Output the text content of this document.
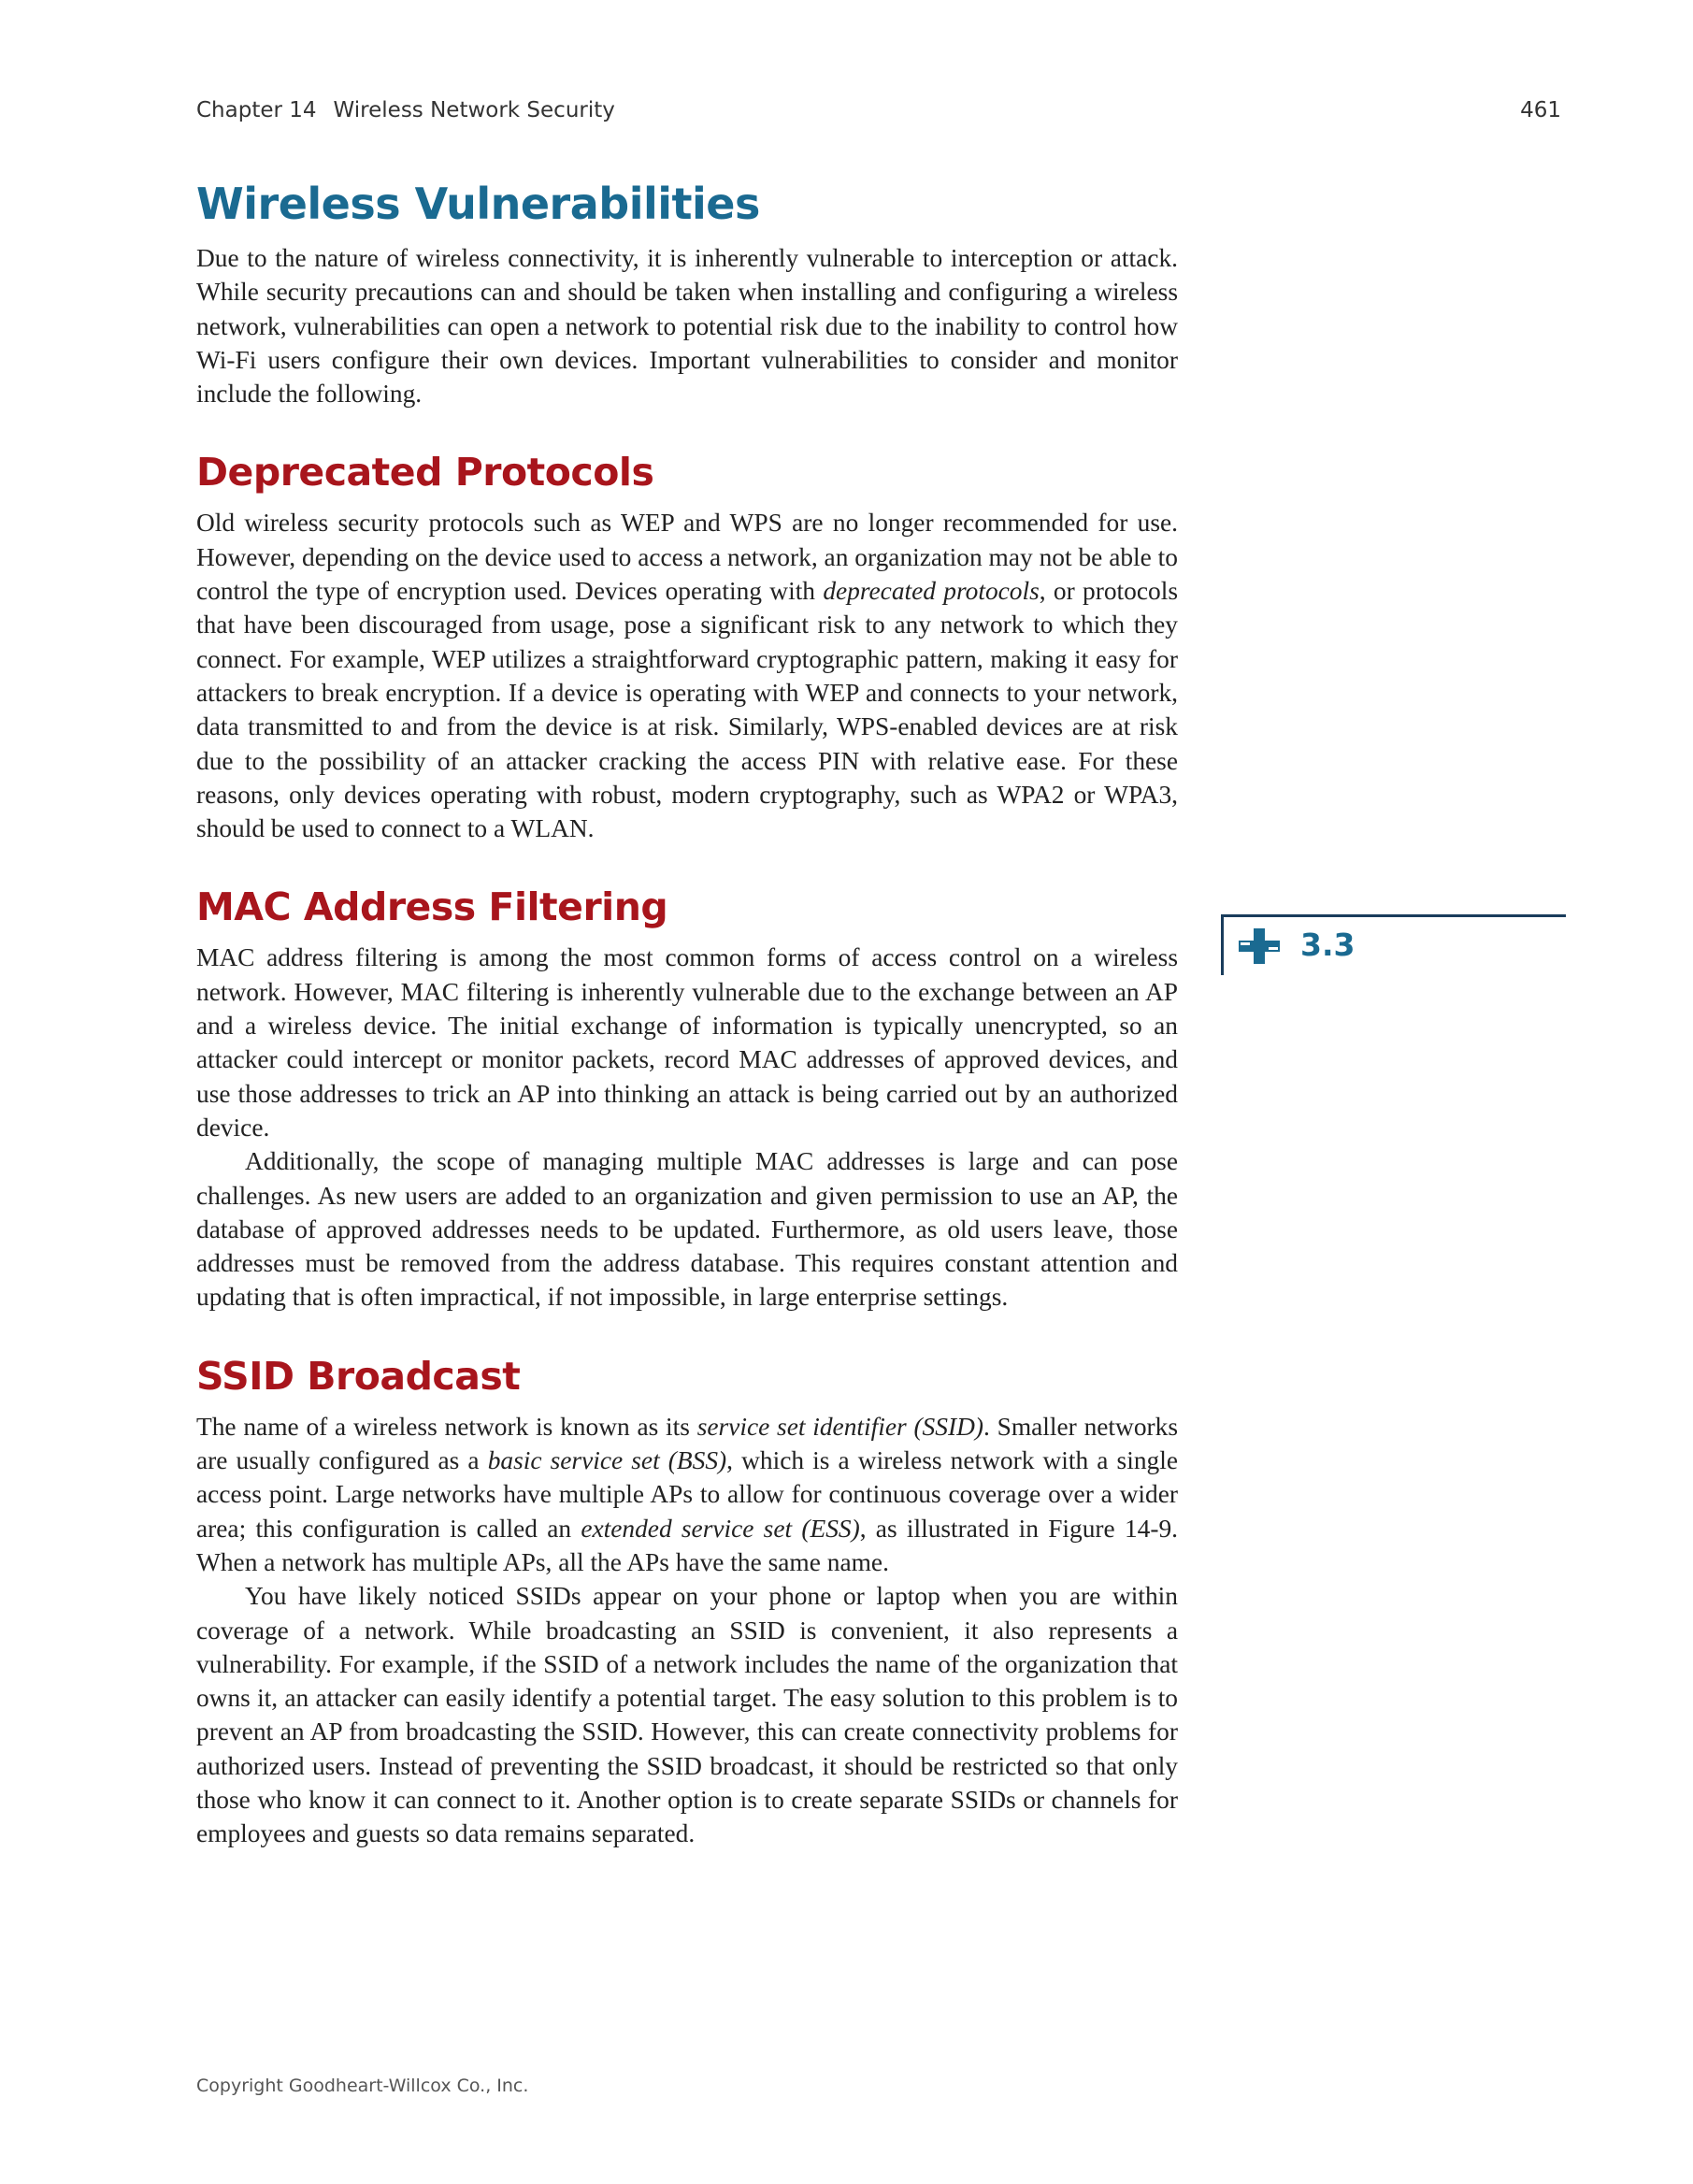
Chapter 14 Wireless Network Security	461
Wireless Vulnerabilities

Due to the nature of wireless connectivity, it is inherently vulnerable to interception or attack. While security precautions can and should be taken when installing and configuring a wireless network, vulnerabilities can open a network to potential risk due to the inability to control how Wi-Fi users configure their own devices. Important vulnerabilities to consider and monitor include the following.

Deprecated Protocols

Old wireless security protocols such as WEP and WPS are no longer recommended for use. However, depending on the device used to access a network, an organization may not be able to control the type of encryption used. Devices operating with deprecated protocols, or protocols that have been discouraged from usage, pose a significant risk to any network to which they connect. For example, WEP utilizes a straightforward cryptographic pattern, making it easy for attackers to break encryption. If a device is operating with WEP and connects to your network, data transmitted to and from the device is at risk. Similarly, WPS-enabled devices are at risk due to the possibility of an attacker cracking the access PIN with relative ease. For these reasons, only devices operating with robust, modern cryptography, such as WPA2 or WPA3, should be used to connect to a WLAN.

MAC Address Filtering

MAC address filtering is among the most common forms of access control on a wireless network. However, MAC filtering is inherently vulnerable due to the exchange between an AP and a wireless device. The initial exchange of information is typically unencrypted, so an attacker could intercept or monitor packets, record MAC addresses of approved devices, and use those addresses to trick an AP into thinking an attack is being carried out by an authorized device.

Additionally, the scope of managing multiple MAC addresses is large and can pose challenges. As new users are added to an organization and given permission to use an AP, the database of approved addresses needs to be updated. Furthermore, as old users leave, those addresses must be removed from the address database. This requires constant attention and updating that is often impractical, if not impossible, in large enterprise settings.

SSID Broadcast

The name of a wireless network is known as its service set identifier (SSID). Smaller networks are usually configured as a basic service set (BSS), which is a wireless network with a single access point. Large networks have multiple APs to allow for continuous coverage over a wider area; this configuration is called an extended service set (ESS), as illustrated in Figure 14-9. When a network has multiple APs, all the APs have the same name.

You have likely noticed SSIDs appear on your phone or laptop when you are within coverage of a network. While broadcasting an SSID is convenient, it also represents a vulnerability. For example, if the SSID of a network includes the name of the organization that owns it, an attacker can easily identify a potential target. The easy solution to this problem is to prevent an AP from broadcasting the SSID. However, this can create connectivity problems for authorized users. Instead of preventing the SSID broadcast, it should be restricted so that only those who know it can connect to it. Another option is to create separate SSIDs or channels for employees and guests so data remains separated.

3.3
Copyright Goodheart-Willcox Co., Inc.
